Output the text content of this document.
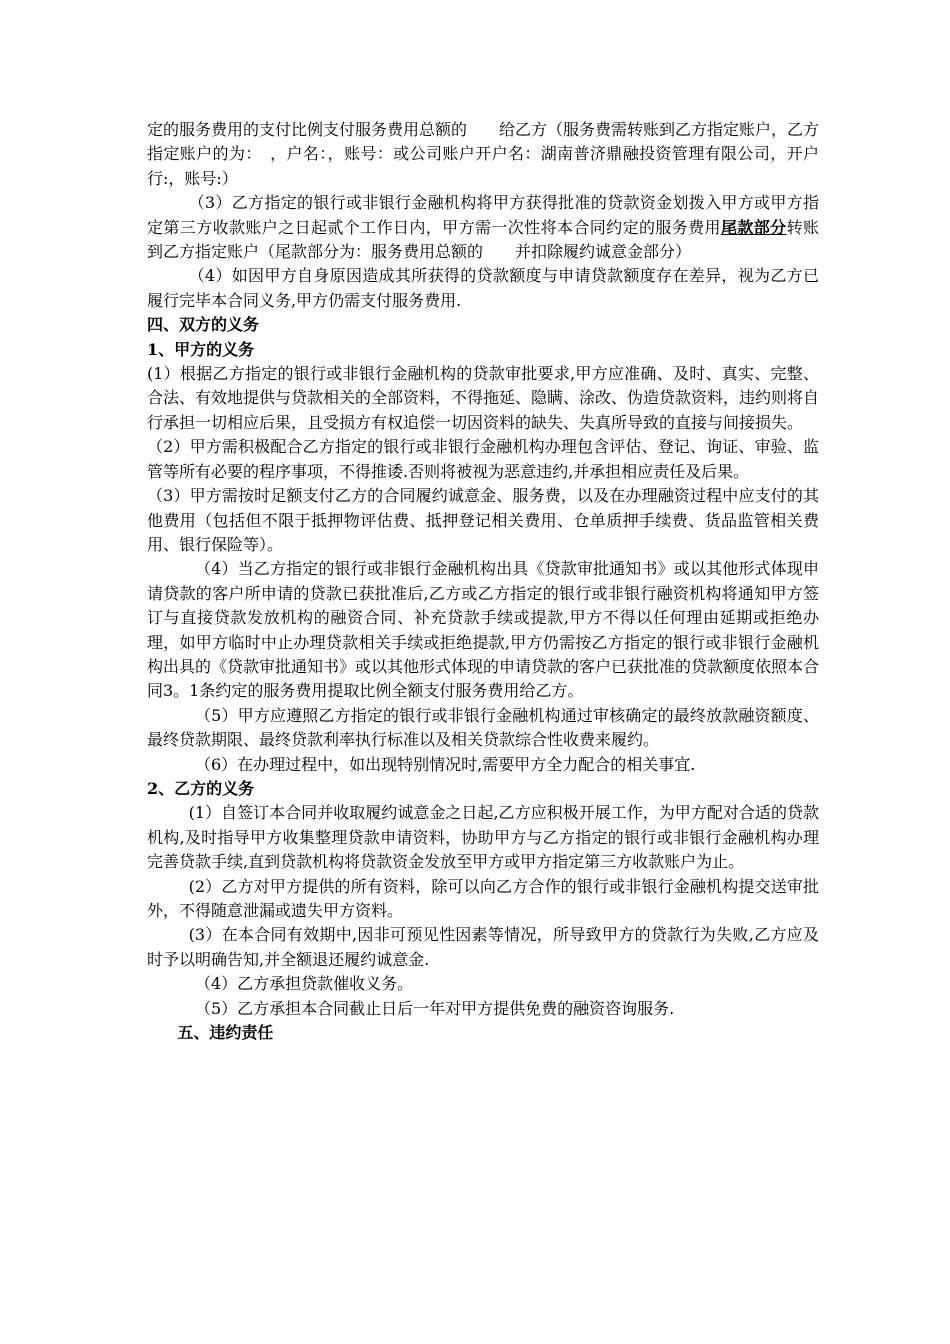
定的服务费用的支付比例支付服务费用总额的　　给乙方（服务费需转账到乙方指定账户，乙方指定账户的为：　，户名：，账号：或公司账户开户名：湖南普济鼎融投资管理有限公司，开户行:，账号:）

（3）乙方指定的银行或非银行金融机构将甲方获得批准的贷款资金划拨入甲方或甲方指定第三方收款账户之日起贰个工作日内，甲方需一次性将本合同约定的服务费用尾款部分转账到乙方指定账户（尾款部分为：服务费用总额的　　并扣除履约诚意金部分）

（4）如因甲方自身原因造成其所获得的贷款额度与申请贷款额度存在差异，视为乙方已履行完毕本合同义务,甲方仍需支付服务费用.

四、双方的义务

1、甲方的义务

(1）根据乙方指定的银行或非银行金融机构的贷款审批要求,甲方应准确、及时、真实、完整、合法、有效地提供与贷款相关的全部资料，不得拖延、隐瞒、涂改、伪造贷款资料，违约则将自行承担一切相应后果，且受损方有权追偿一切因资料的缺失、失真所导致的直接与间接损失。

（2）甲方需积极配合乙方指定的银行或非银行金融机构办理包含评估、登记、询证、审验、监管等所有必要的程序事项，不得推诿.否则将被视为恶意违约,并承担相应责任及后果。

（3）甲方需按时足额支付乙方的合同履约诚意金、服务费，以及在办理融资过程中应支付的其他费用（包括但不限于抵押物评估费、抵押登记相关费用、仓单质押手续费、货品监管相关费用、银行保险等）。

（4）当乙方指定的银行或非银行金融机构出具《贷款审批通知书》或以其他形式体现申请贷款的客户所申请的贷款已获批准后,乙方或乙方指定的银行或非银行融资机构将通知甲方签订与直接贷款发放机构的融资合同、补充贷款手续或提款,甲方不得以任何理由延期或拒绝办理，如甲方临时中止办理贷款相关手续或拒绝提款,甲方仍需按乙方指定的银行或非银行金融机构出具的《贷款审批通知书》或以其他形式体现的申请贷款的客户已获批准的贷款额度依照本合同3。1条约定的服务费用提取比例全额支付服务费用给乙方。

（5）甲方应遵照乙方指定的银行或非银行金融机构通过审核确定的最终放款融资额度、最终贷款期限、最终贷款利率执行标准以及相关贷款综合性收费来履约。

（6）在办理过程中，如出现特别情况时,需要甲方全力配合的相关事宜.

2、乙方的义务

(1）自签订本合同并收取履约诚意金之日起,乙方应积极开展工作，为甲方配对合适的贷款机构,及时指导甲方收集整理贷款申请资料，协助甲方与乙方指定的银行或非银行金融机构办理完善贷款手续,直到贷款机构将贷款资金发放至甲方或甲方指定第三方收款账户为止。

(2）乙方对甲方提供的所有资料，除可以向乙方合作的银行或非银行金融机构提交送审批外，不得随意泄漏或遗失甲方资料。

(3）在本合同有效期中,因非可预见性因素等情况，所导致甲方的贷款行为失败,乙方应及时予以明确告知,并全额退还履约诚意金.

（4）乙方承担贷款催收义务。

（5）乙方承担本合同截止日后一年对甲方提供免费的融资咨询服务.

五、违约责任
